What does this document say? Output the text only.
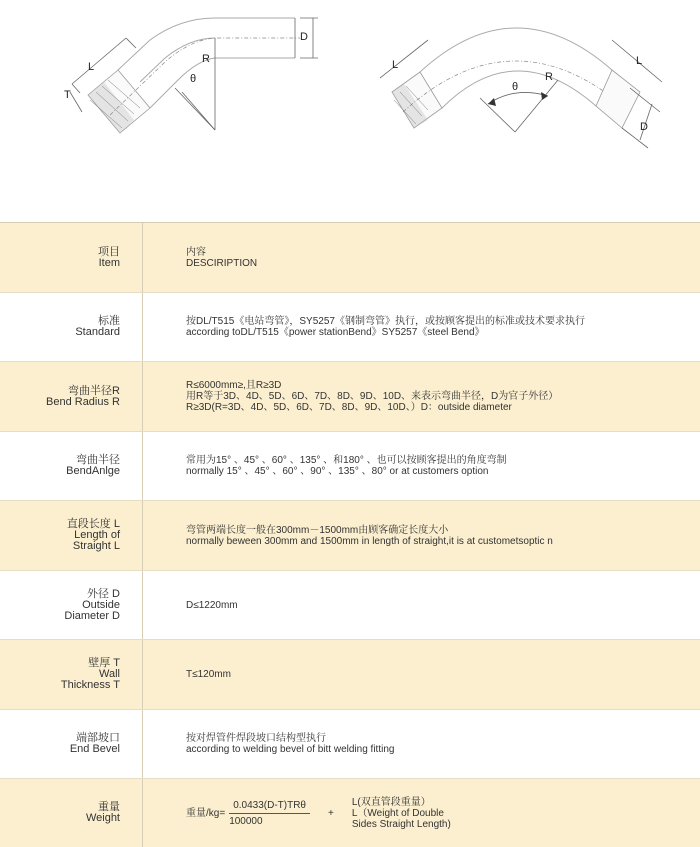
D
R
θ
L
T
D
θ
R
L	L
项目
Item
内容
DESCIRIPTION
标准
Standard
按DL/T515《电站弯管》，SY5257《钢制弯管》执行，或按顾客提出的标准或技术要求执行
according toDL/T515《power stationBend》SY5257《steel Bend》
弯曲半径R
Bend Radius R
R≤6000mm≥,且R≥3D
用R等于3D、4D、5D、6D、7D、8D、9D、10D、来表示弯曲半径，D为官子外径）
R≥3D(R=3D、4D、5D、6D、7D、8D、9D、10D、）D：outside diameter
弯曲半径
BendAnlge
常用为15° 、45° 、60° 、135° 、和180° 、也可以按顾客提出的角度弯制
normally 15° 、45° 、60° 、90° 、135° 、80° or at customers option
直段长度 L
Length of
Straight L
弯管两端长度一般在300mm－1500mm由顾客确定长度大小
normally beween 300mm and 1500mm in length of straight,it is at custometsoptic n
外径 D
Outside
Diameter D
D≤1220mm
壁厚 T
Wall
Thickness T
T≤120mm
端部坡口
End Bevel
按对焊管件焊段坡口结构型执行
according to welding bevel of bitt welding fitting
重量
Weight	重量$/kg= \frac{\text{0.0433(D-T)TRθ}}{100000}$ +
L(双直管段重量）
L（Weight of Double
Sides Straight Length)
